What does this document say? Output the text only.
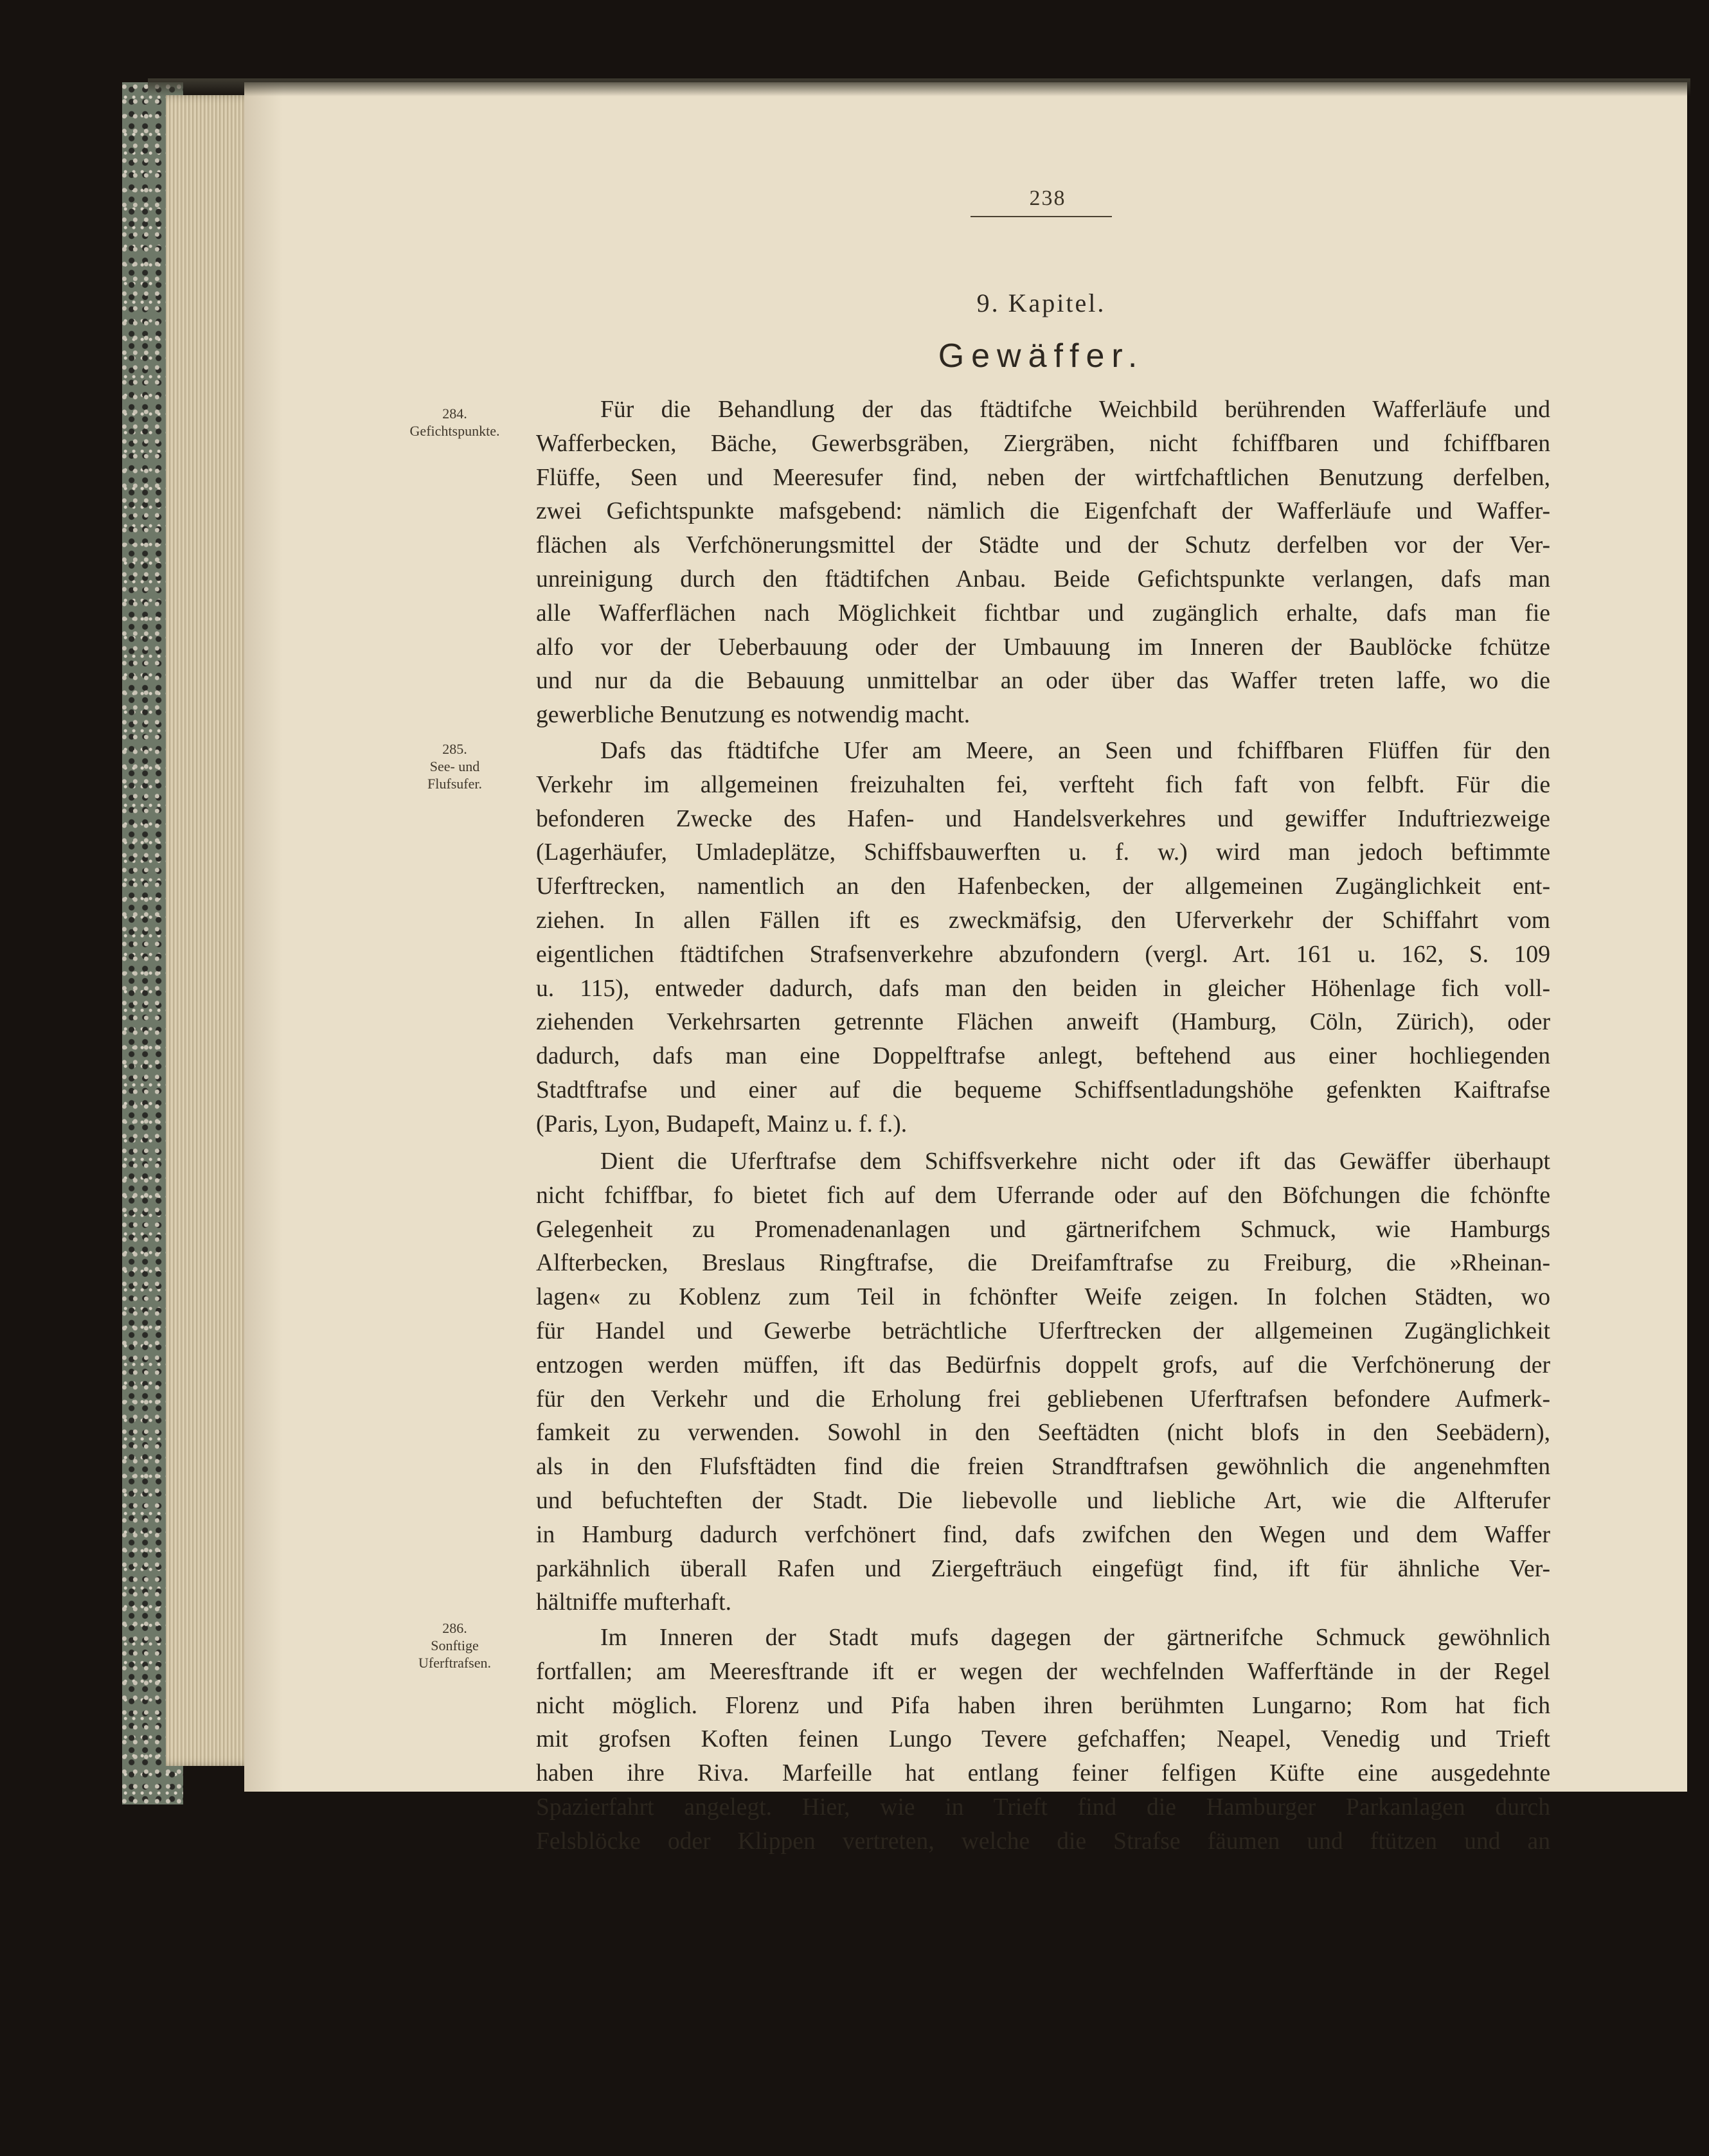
238
9. Kapitel.
Gewäffer.
284.
Gefichtspunkte.
285.
See- und
Flufsufer.
286.
Sonftige
Uferftrafsen.
Für die Behandlung der das ftädtifche Weichbild berührenden Wafferläufe und
Wafferbecken, Bäche, Gewerbsgräben, Ziergräben, nicht fchiffbaren und fchiffbaren
Flüffe, Seen und Meeresufer find, neben der wirtfchaftlichen Benutzung derfelben,
zwei Gefichtspunkte mafsgebend: nämlich die Eigenfchaft der Wafferläufe und Waffer-
flächen als Verfchönerungsmittel der Städte und der Schutz derfelben vor der Ver-
unreinigung durch den ftädtifchen Anbau. Beide Gefichtspunkte verlangen, dafs man
alle Wafferflächen nach Möglichkeit fichtbar und zugänglich erhalte, dafs man fie
alfo vor der Ueberbauung oder der Umbauung im Inneren der Baublöcke fchütze
und nur da die Bebauung unmittelbar an oder über das Waffer treten laffe, wo die
gewerbliche Benutzung es notwendig macht.
Dafs das ftädtifche Ufer am Meere, an Seen und fchiffbaren Flüffen für den
Verkehr im allgemeinen freizuhalten fei, verfteht fich faft von felbft. Für die
befonderen Zwecke des Hafen- und Handelsverkehres und gewiffer Induftriezweige
(Lagerhäufer, Umladeplätze, Schiffsbauwerften u. f. w.) wird man jedoch beftimmte
Uferftrecken, namentlich an den Hafenbecken, der allgemeinen Zugänglichkeit ent-
ziehen. In allen Fällen ift es zweckmäfsig, den Uferverkehr der Schiffahrt vom
eigentlichen ftädtifchen Strafsenverkehre abzufondern (vergl. Art. 161 u. 162, S. 109
u. 115), entweder dadurch, dafs man den beiden in gleicher Höhenlage fich voll-
ziehenden Verkehrsarten getrennte Flächen anweift (Hamburg, Cöln, Zürich), oder
dadurch, dafs man eine Doppelftrafse anlegt, beftehend aus einer hochliegenden
Stadtftrafse und einer auf die bequeme Schiffsentladungshöhe gefenkten Kaiftrafse
(Paris, Lyon, Budapeft, Mainz u. f. f.).
Dient die Uferftrafse dem Schiffsverkehre nicht oder ift das Gewäffer überhaupt
nicht fchiffbar, fo bietet fich auf dem Uferrande oder auf den Böfchungen die fchönfte
Gelegenheit zu Promenadenanlagen und gärtnerifchem Schmuck, wie Hamburgs
Alfterbecken, Breslaus Ringftrafse, die Dreifamftrafse zu Freiburg, die »Rheinan-
lagen« zu Koblenz zum Teil in fchönfter Weife zeigen. In folchen Städten, wo
für Handel und Gewerbe beträchtliche Uferftrecken der allgemeinen Zugänglichkeit
entzogen werden müffen, ift das Bedürfnis doppelt grofs, auf die Verfchönerung der
für den Verkehr und die Erholung frei gebliebenen Uferftrafsen befondere Aufmerk-
famkeit zu verwenden. Sowohl in den Seeftädten (nicht blofs in den Seebädern),
als in den Flufsftädten find die freien Strandftrafsen gewöhnlich die angenehmften
und befuchteften der Stadt. Die liebevolle und liebliche Art, wie die Alfterufer
in Hamburg dadurch verfchönert find, dafs zwifchen den Wegen und dem Waffer
parkähnlich überall Rafen und Ziergefträuch eingefügt find, ift für ähnliche Ver-
hältniffe mufterhaft.
Im Inneren der Stadt mufs dagegen der gärtnerifche Schmuck gewöhnlich
fortfallen; am Meeresftrande ift er wegen der wechfelnden Wafferftände in der Regel
nicht möglich. Florenz und Pifa haben ihren berühmten Lungarno; Rom hat fich
mit grofsen Koften feinen Lungo Tevere gefchaffen; Neapel, Venedig und Trieft
haben ihre Riva. Marfeille hat entlang feiner felfigen Küfte eine ausgedehnte
Spazierfahrt angelegt. Hier, wie in Trieft find die Hamburger Parkanlagen durch
Felsblöcke oder Klippen vertreten, welche die Strafse fäumen und ftützen und an
